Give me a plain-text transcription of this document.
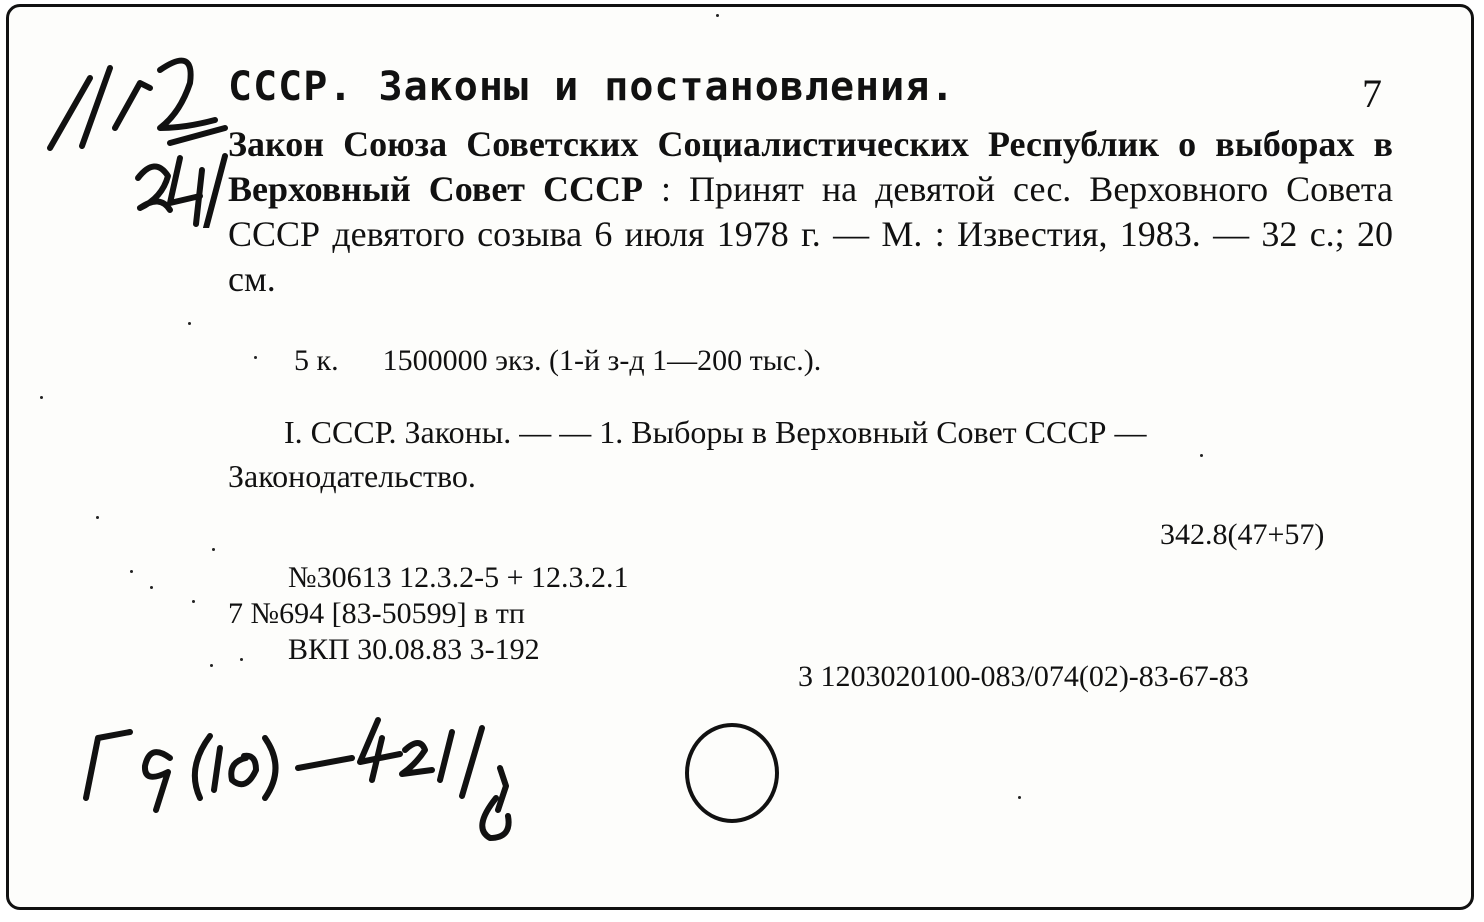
СССР. Законы и постановления.	7
Закон Союза Советских Социалистических Республик о выборах в Верховный Совет СССР : Принят на девятой сес. Верховного Совета СССР девятого созыва 6 июля 1978 г. — М. : Известия, 1983. — 32 с.; 20 см.
5 к. 1500000 экз. (1-й з-д 1—200 тыс.).
I. СССР. Законы. — — 1. Выборы в Верховный Совет СССР — Законодательство.
342.8(47+57)
№30613 12.3.2-5 + 12.3.2.1
7 №694 [83-50599] в тп
ВКП 30.08.83 3-192
3 1203020100-083/074(02)-83-67-83
